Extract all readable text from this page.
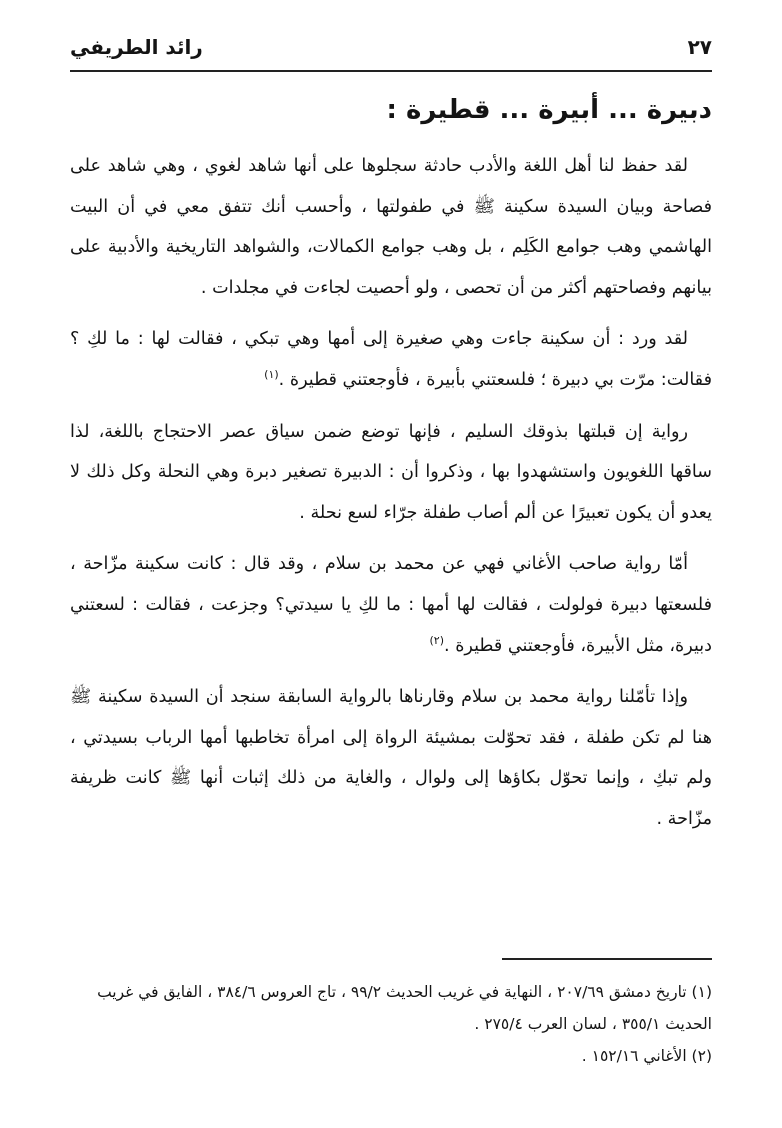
٢٧
رائد الطريفي
دبيرة ... أبيرة ... قطيرة :

لقد حفظ لنا أهل اللغة والأدب حادثة سجلوها على أنها شاهد لغوي ، وهي شاهد على فصاحة وبيان السيدة سكينة ﷺ في طفولتها ، وأحسب أنك تتفق معي في أن البيت الهاشمي وهب جوامع الكَلِم ، بل وهب جوامع الكمالات، والشواهد التاريخية والأدبية على بيانهم وفصاحتهم أكثر من أن تحصى ، ولو أحصيت لجاءت في مجلدات .

لقد ورد : أن سكينة جاءت وهي صغيرة إلى أمها وهي تبكي ، فقالت لها : ما لكِ ؟ فقالت: مرّت بي دبيرة ؛ فلسعتني بأبيرة ، فأوجعتني قطيرة .$^{(١)}$

رواية إن قبلتها بذوقك السليم ، فإنها توضع ضمن سياق عصر الاحتجاج باللغة، لذا ساقها اللغويون واستشهدوا بها ، وذكروا أن : الدبيرة تصغير دبرة وهي النحلة وكل ذلك لا يعدو أن يكون تعبيرًا عن ألم أصاب طفلة جرّاء لسع نحلة .

أمّا رواية صاحب الأغاني فهي عن محمد بن سلام ، وقد قال : كانت سكينة مزّاحة ، فلسعتها دبيرة فولولت ، فقالت لها أمها : ما لكِ يا سيدتي؟ وجزعت ، فقالت : لسعتني دبيرة، مثل الأبيرة، فأوجعتني قطيرة .$^{(٢)}$

وإذا تأمّلنا رواية محمد بن سلام وقارناها بالرواية السابقة سنجد أن السيدة سكينة ﷺ هنا لم تكن طفلة ، فقد تحوّلت بمشيئة الرواة إلى امرأة تخاطبها أمها الرباب بسيدتي ، ولم تبكِ ، وإنما تحوّل بكاؤها إلى ولوال ، والغاية من ذلك إثبات أنها ﷺ كانت ظريفة مزّاحة .

(١) تاريخ دمشق ٢٠٧/٦٩ ، النهاية في غريب الحديث ٩٩/٢ ، تاج العروس ٣٨٤/٦ ، الفايق في غريب الحديث ٣٥٥/١ ، لسان العرب ٢٧٥/٤ .

(٢) الأغاني ١٥٢/١٦ .
